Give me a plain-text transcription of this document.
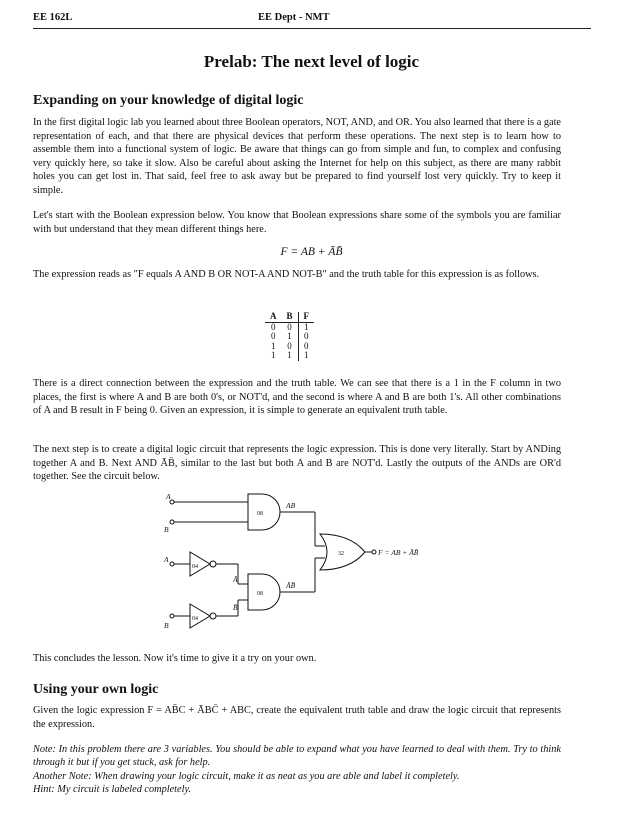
EE 162L	EE Dept - NMT
Prelab: The next level of logic
Expanding on your knowledge of digital logic

In the first digital logic lab you learned about three Boolean operators, NOT, AND, and OR. You also learned that there is a gate representation of each, and that there are physical devices that perform these operations. The next step is to learn how to assemble them into a functional system of logic. Be aware that things can go from simple and fun, to complex and confusing very quickly here, so take it slow. Also be careful about asking the Internet for help on this subject, as there are many rabbit holes you can get lost in. That said, feel free to ask away but be prepared to find yourself lost very quickly. Try to keep it simple.

Let's start with the Boolean expression below. You know that Boolean expressions share some of the symbols you are familiar with but understand that they mean different things here.

F = AB + ĀB̄

The expression reads as "F equals A AND B OR NOT-A AND NOT-B" and the truth table for this expression is as follows.

A	B	F
0	0	1
0	1	0
1	0	0
1	1	1

There is a direct connection between the expression and the truth table. We can see that there is a 1 in the F column in two places, the first is where A and B are both 0's, or NOT'd, and the second is where A and B are both 1's. All other combinations of A and B result in F being 0. Given an expression, it is simple to generate an equivalent truth table.

The next step is to create a digital logic circuit that represents the logic expression. This is done very literally. Start by ANDing together A and B. Next AND ĀB̄, similar to the last but both A and B are NOT'd. Lastly the outputs of the ANDs are OR'd together. See the circuit below.

A
B
A
B
08
08
32
04
04
AB
ĀB̄
Ā
B̄
F = AB + ĀB̄

This concludes the lesson. Now it's time to give it a try on your own.

Using your own logic

Given the logic expression F = AB̄C + ĀBC̄ + ABC, create the equivalent truth table and draw the logic circuit that represents the expression.

Note: In this problem there are 3 variables. You should be able to expand what you have learned to deal with them. Try to think through it but if you get stuck, ask for help.

Another Note: When drawing your logic circuit, make it as neat as you are able and label it completely.

Hint: My circuit is labeled completely.
